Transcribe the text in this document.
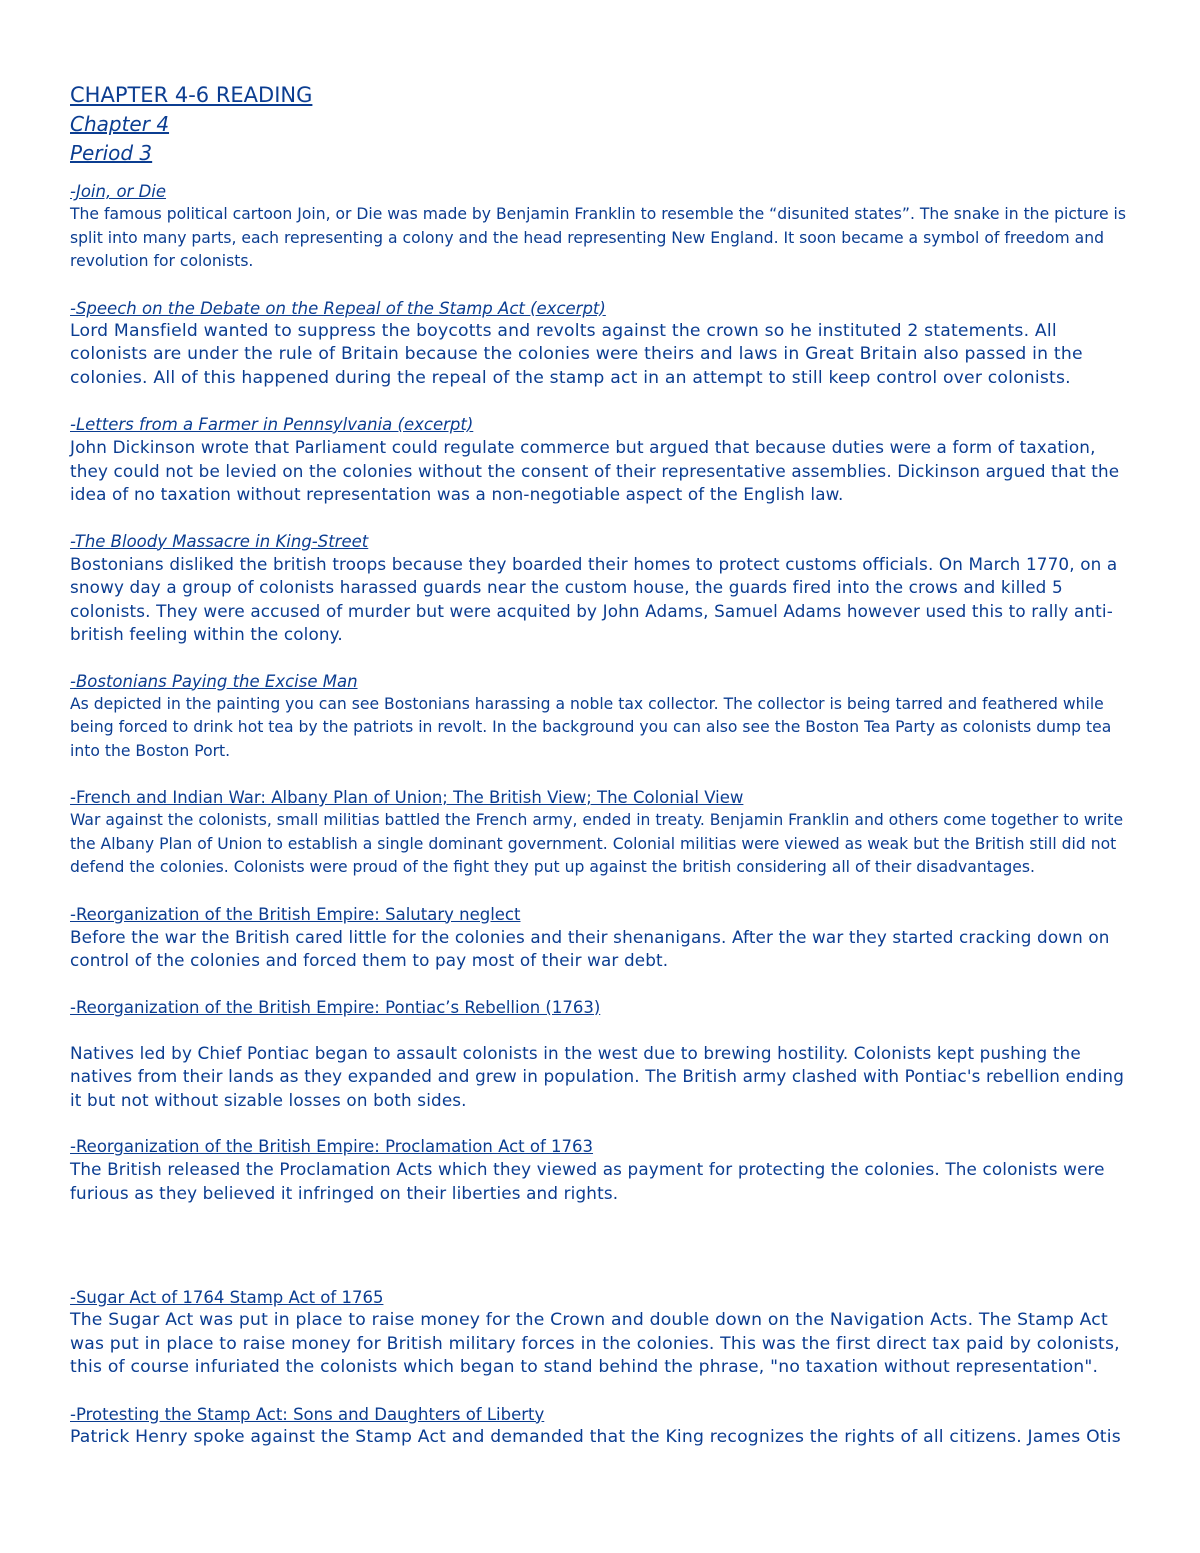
CHAPTER 4-6 READING
Chapter 4
Period 3
-Join, or Die

The famous political cartoon Join, or Die was made by Benjamin Franklin to resemble the “disunited states”. The snake in the picture is split into many parts, each representing a colony and the head representing New England. It soon became a symbol of freedom and revolution for colonists.

-Speech on the Debate on the Repeal of the Stamp Act (excerpt)

Lord Mansfield wanted to suppress the boycotts and revolts against the crown so he instituted 2 statements. All colonists are under the rule of Britain because the colonies were theirs and laws in Great Britain also passed in the colonies. All of this happened during the repeal of the stamp act in an attempt to still keep control over colonists.

-Letters from a Farmer in Pennsylvania (excerpt)

John Dickinson wrote that Parliament could regulate commerce but argued that because duties were a form of taxation, they could not be levied on the colonies without the consent of their representative assemblies. Dickinson argued that the idea of no taxation without representation was a non-negotiable aspect of the English law.

-The Bloody Massacre in King-Street

Bostonians disliked the british troops because they boarded their homes to protect customs officials. On March 1770, on a snowy day a group of colonists harassed guards near the custom house, the guards fired into the crows and killed 5 colonists. They were accused of murder but were acquited by John Adams, Samuel Adams however used this to rally anti-british feeling within the colony.

-Bostonians Paying the Excise Man

As depicted in the painting you can see Bostonians harassing a noble tax collector. The collector is being tarred and feathered while being forced to drink hot tea by the patriots in revolt. In the background you can also see the Boston Tea Party as colonists dump tea into the Boston Port.

-French and Indian War: Albany Plan of Union; The British View; The Colonial View

War against the colonists, small militias battled the French army, ended in treaty. Benjamin Franklin and others come together to write the Albany Plan of Union to establish a single dominant government. Colonial militias were viewed as weak but the British still did not defend the colonies. Colonists were proud of the fight they put up against the british considering all of their disadvantages.

-Reorganization of the British Empire: Salutary neglect

Before the war the British cared little for the colonies and their shenanigans. After the war they started cracking down on control of the colonies and forced them to pay most of their war debt.

-Reorganization of the British Empire: Pontiac’s Rebellion (1763)

Natives led by Chief Pontiac began to assault colonists in the west due to brewing hostility. Colonists kept pushing the natives from their lands as they expanded and grew in population. The British army clashed with Pontiac's rebellion ending it but not without sizable losses on both sides.

-Reorganization of the British Empire: Proclamation Act of 1763

The British released the Proclamation Acts which they viewed as payment for protecting the colonies. The colonists were furious as they believed it infringed on their liberties and rights.

-Sugar Act of 1764 Stamp Act of 1765

The Sugar Act was put in place to raise money for the Crown and double down on the Navigation Acts. The Stamp Act was put in place to raise money for British military forces in the colonies. This was the first direct tax paid by colonists, this of course infuriated the colonists which began to stand behind the phrase, "no taxation without representation".

-Protesting the Stamp Act: Sons and Daughters of Liberty

Patrick Henry spoke against the Stamp Act and demanded that the King recognizes the rights of all citizens. James Otis
